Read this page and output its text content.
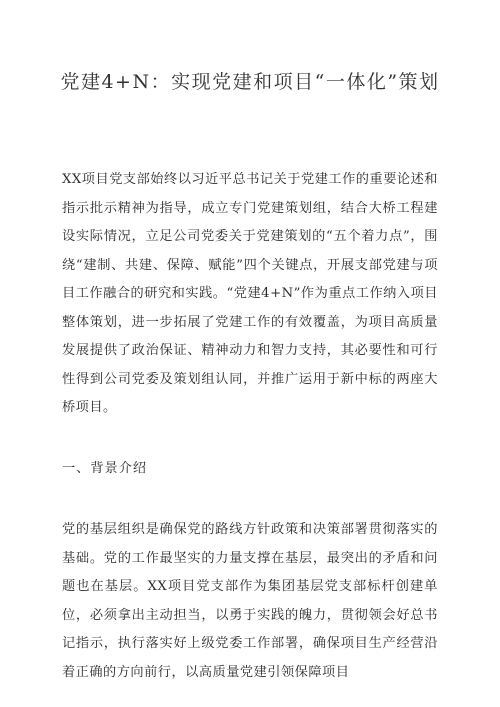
党建4+N：实现党建和项目“一体化”策划

XX项目党支部始终以习近平总书记关于党建工作的重要论述和指示批示精神为指导，成立专门党建策划组，结合大桥工程建设实际情况，立足公司党委关于党建策划的“五个着力点”，围绕“建制、共建、保障、赋能”四个关键点，开展支部党建与项目工作融合的研究和实践。“党建4+N”作为重点工作纳入项目整体策划，进一步拓展了党建工作的有效覆盖，为项目高质量发展提供了政治保证、精神动力和智力支持，其必要性和可行性得到公司党委及策划组认同，并推广运用于新中标的两座大桥项目。

一、背景介绍

党的基层组织是确保党的路线方针政策和决策部署贯彻落实的基础。党的工作最坚实的力量支撑在基层，最突出的矛盾和问题也在基层。XX项目党支部作为集团基层党支部标杆创建单位，必须拿出主动担当，以勇于实践的魄力，贯彻领会好总书记指示，执行落实好上级党委工作部署，确保项目生产经营沿着正确的方向前行，以高质量党建引领保障项目
